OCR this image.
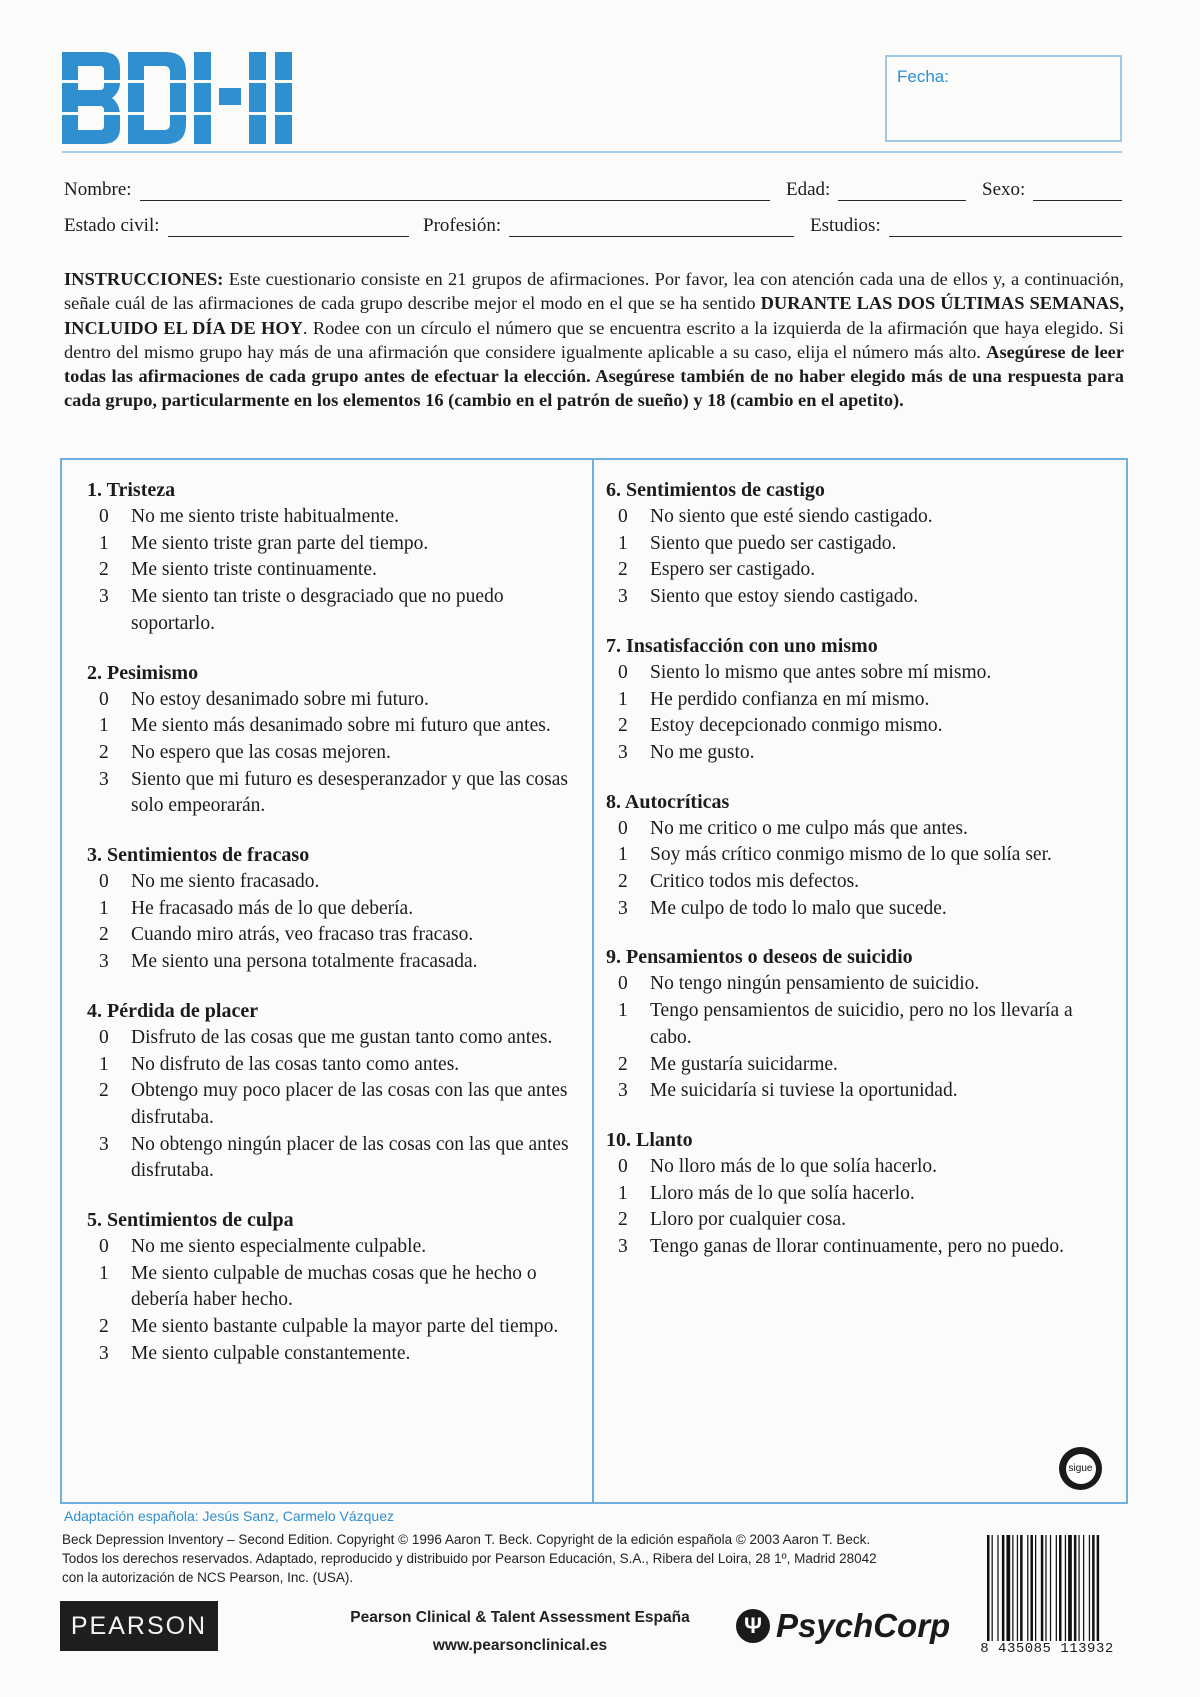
Fecha:
Nombre:	Edad:	Sexo:
Estado civil:	Profesión:	Estudios:
INSTRUCCIONES: Este cuestionario consiste en 21 grupos de afirmaciones. Por favor, lea con atención cada una de ellos y, a continuación, señale cuál de las afirmaciones de cada grupo describe mejor el modo en el que se ha sentido DURANTE LAS DOS ÚLTIMAS SEMANAS, INCLUIDO EL DÍA DE HOY. Rodee con un círculo el número que se encuentra escrito a la izquierda de la afirmación que haya elegido. Si dentro del mismo grupo hay más de una afirmación que considere igualmente aplicable a su caso, elija el número más alto. Asegúrese de leer todas las afirmaciones de cada grupo antes de efectuar la elección. Asegúrese también de no haber elegido más de una respuesta para cada grupo, particularmente en los elementos 16 (cambio en el patrón de sueño) y 18 (cambio en el apetito).
1. Tristeza
0	No me siento triste habitualmente.
1	Me siento triste gran parte del tiempo.
2	Me siento triste continuamente.
3	Me siento tan triste o desgraciado que no puedo soportarlo.
2. Pesimismo
0	No estoy desanimado sobre mi futuro.
1	Me siento más desanimado sobre mi futuro que antes.
2	No espero que las cosas mejoren.
3	Siento que mi futuro es desesperanzador y que las cosas solo empeorarán.
3. Sentimientos de fracaso
0	No me siento fracasado.
1	He fracasado más de lo que debería.
2	Cuando miro atrás, veo fracaso tras fracaso.
3	Me siento una persona totalmente fracasada.
4. Pérdida de placer
0	Disfruto de las cosas que me gustan tanto como antes.
1	No disfruto de las cosas tanto como antes.
2	Obtengo muy poco placer de las cosas con las que antes disfrutaba.
3	No obtengo ningún placer de las cosas con las que antes disfrutaba.
5. Sentimientos de culpa
0	No me siento especialmente culpable.
1	Me siento culpable de muchas cosas que he hecho o debería haber hecho.
2	Me siento bastante culpable la mayor parte del tiempo.
3	Me siento culpable constantemente.
6. Sentimientos de castigo
0	No siento que esté siendo castigado.
1	Siento que puedo ser castigado.
2	Espero ser castigado.
3	Siento que estoy siendo castigado.
7. Insatisfacción con uno mismo
0	Siento lo mismo que antes sobre mí mismo.
1	He perdido confianza en mí mismo.
2	Estoy decepcionado conmigo mismo.
3	No me gusto.
8. Autocríticas
0	No me critico o me culpo más que antes.
1	Soy más crítico conmigo mismo de lo que solía ser.
2	Critico todos mis defectos.
3	Me culpo de todo lo malo que sucede.
9. Pensamientos o deseos de suicidio
0	No tengo ningún pensamiento de suicidio.
1	Tengo pensamientos de suicidio, pero no los llevaría a cabo.
2	Me gustaría suicidarme.
3	Me suicidaría si tuviese la oportunidad.
10. Llanto
0	No lloro más de lo que solía hacerlo.
1	Lloro más de lo que solía hacerlo.
2	Lloro por cualquier cosa.
3	Tengo ganas de llorar continuamente, pero no puedo.
sigue
Adaptación española: Jesús Sanz, Carmelo Vázquez
Beck Depression Inventory – Second Edition. Copyright © 1996 Aaron T. Beck. Copyright de la edición española © 2003 Aaron T. Beck.
Todos los derechos reservados. Adaptado, reproducido y distribuido por Pearson Educación, S.A., Ribera del Loira, 28 1º, Madrid 28042
con la autorización de NCS Pearson, Inc. (USA).
PEARSON	Pearson Clinical & Talent Assessment España
www.pearsonclinical.es
Ψ PsychCorp
8 435085 113932
